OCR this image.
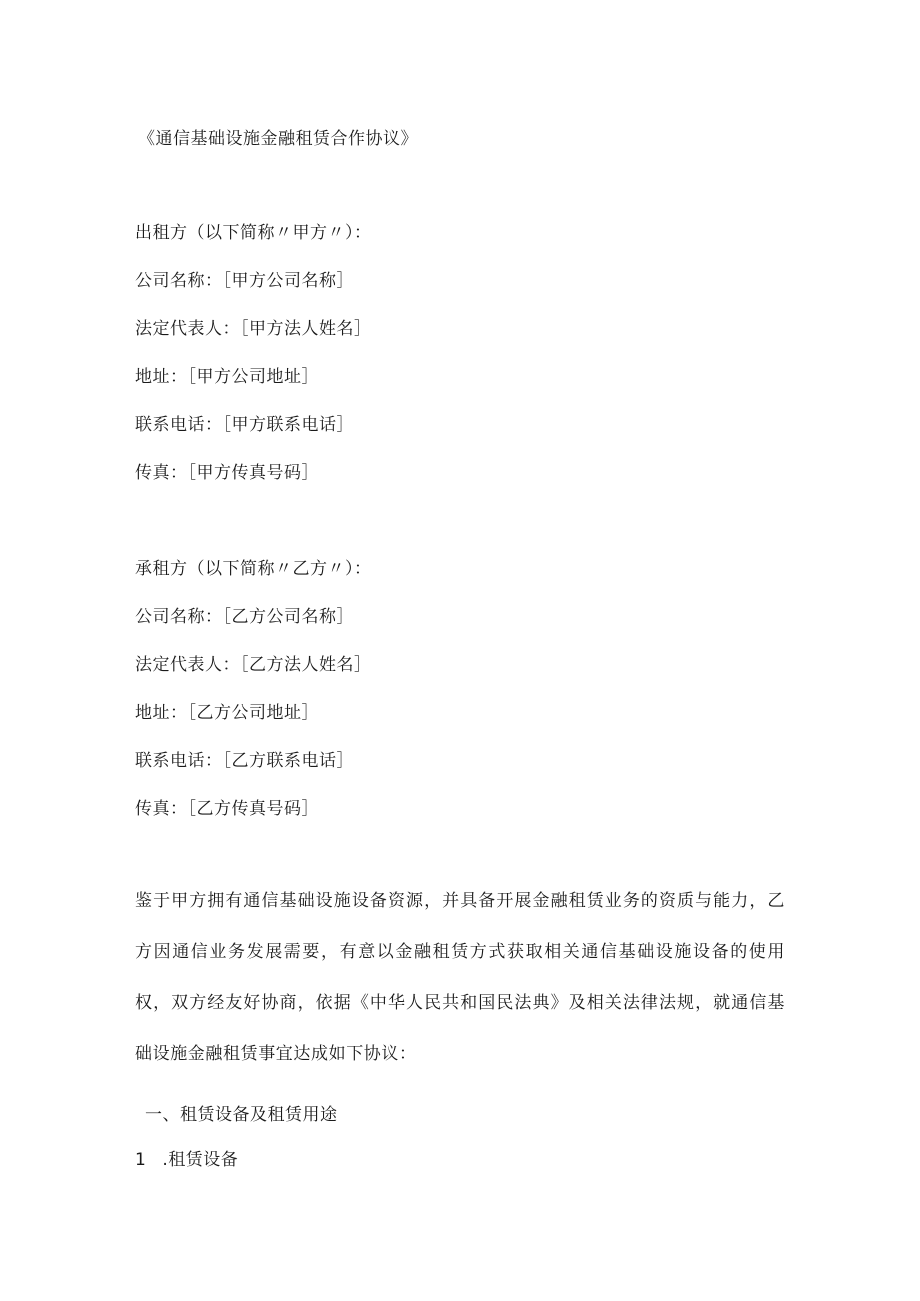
《通信基础设施金融租赁合作协议》
出租方（以下简称〃甲方〃）：
公司名称：［甲方公司名称］
法定代表人：［甲方法人姓名］
地址：［甲方公司地址］
联系电话：［甲方联系电话］
传真：［甲方传真号码］
承租方（以下简称〃乙方〃）：
公司名称：［乙方公司名称］
法定代表人：［乙方法人姓名］
地址：［乙方公司地址］
联系电话：［乙方联系电话］
传真：［乙方传真号码］
鉴于甲方拥有通信基础设施设备资源，并具备开展金融租赁业务的资质与能力，乙方因通信业务发展需要，有意以金融租赁方式获取相关通信基础设施设备的使用权，双方经友好协商，依据《中华人民共和国民法典》及相关法律法规，就通信基础设施金融租赁事宜达成如下协议：
一、租赁设备及租赁用途
1 .租赁设备
